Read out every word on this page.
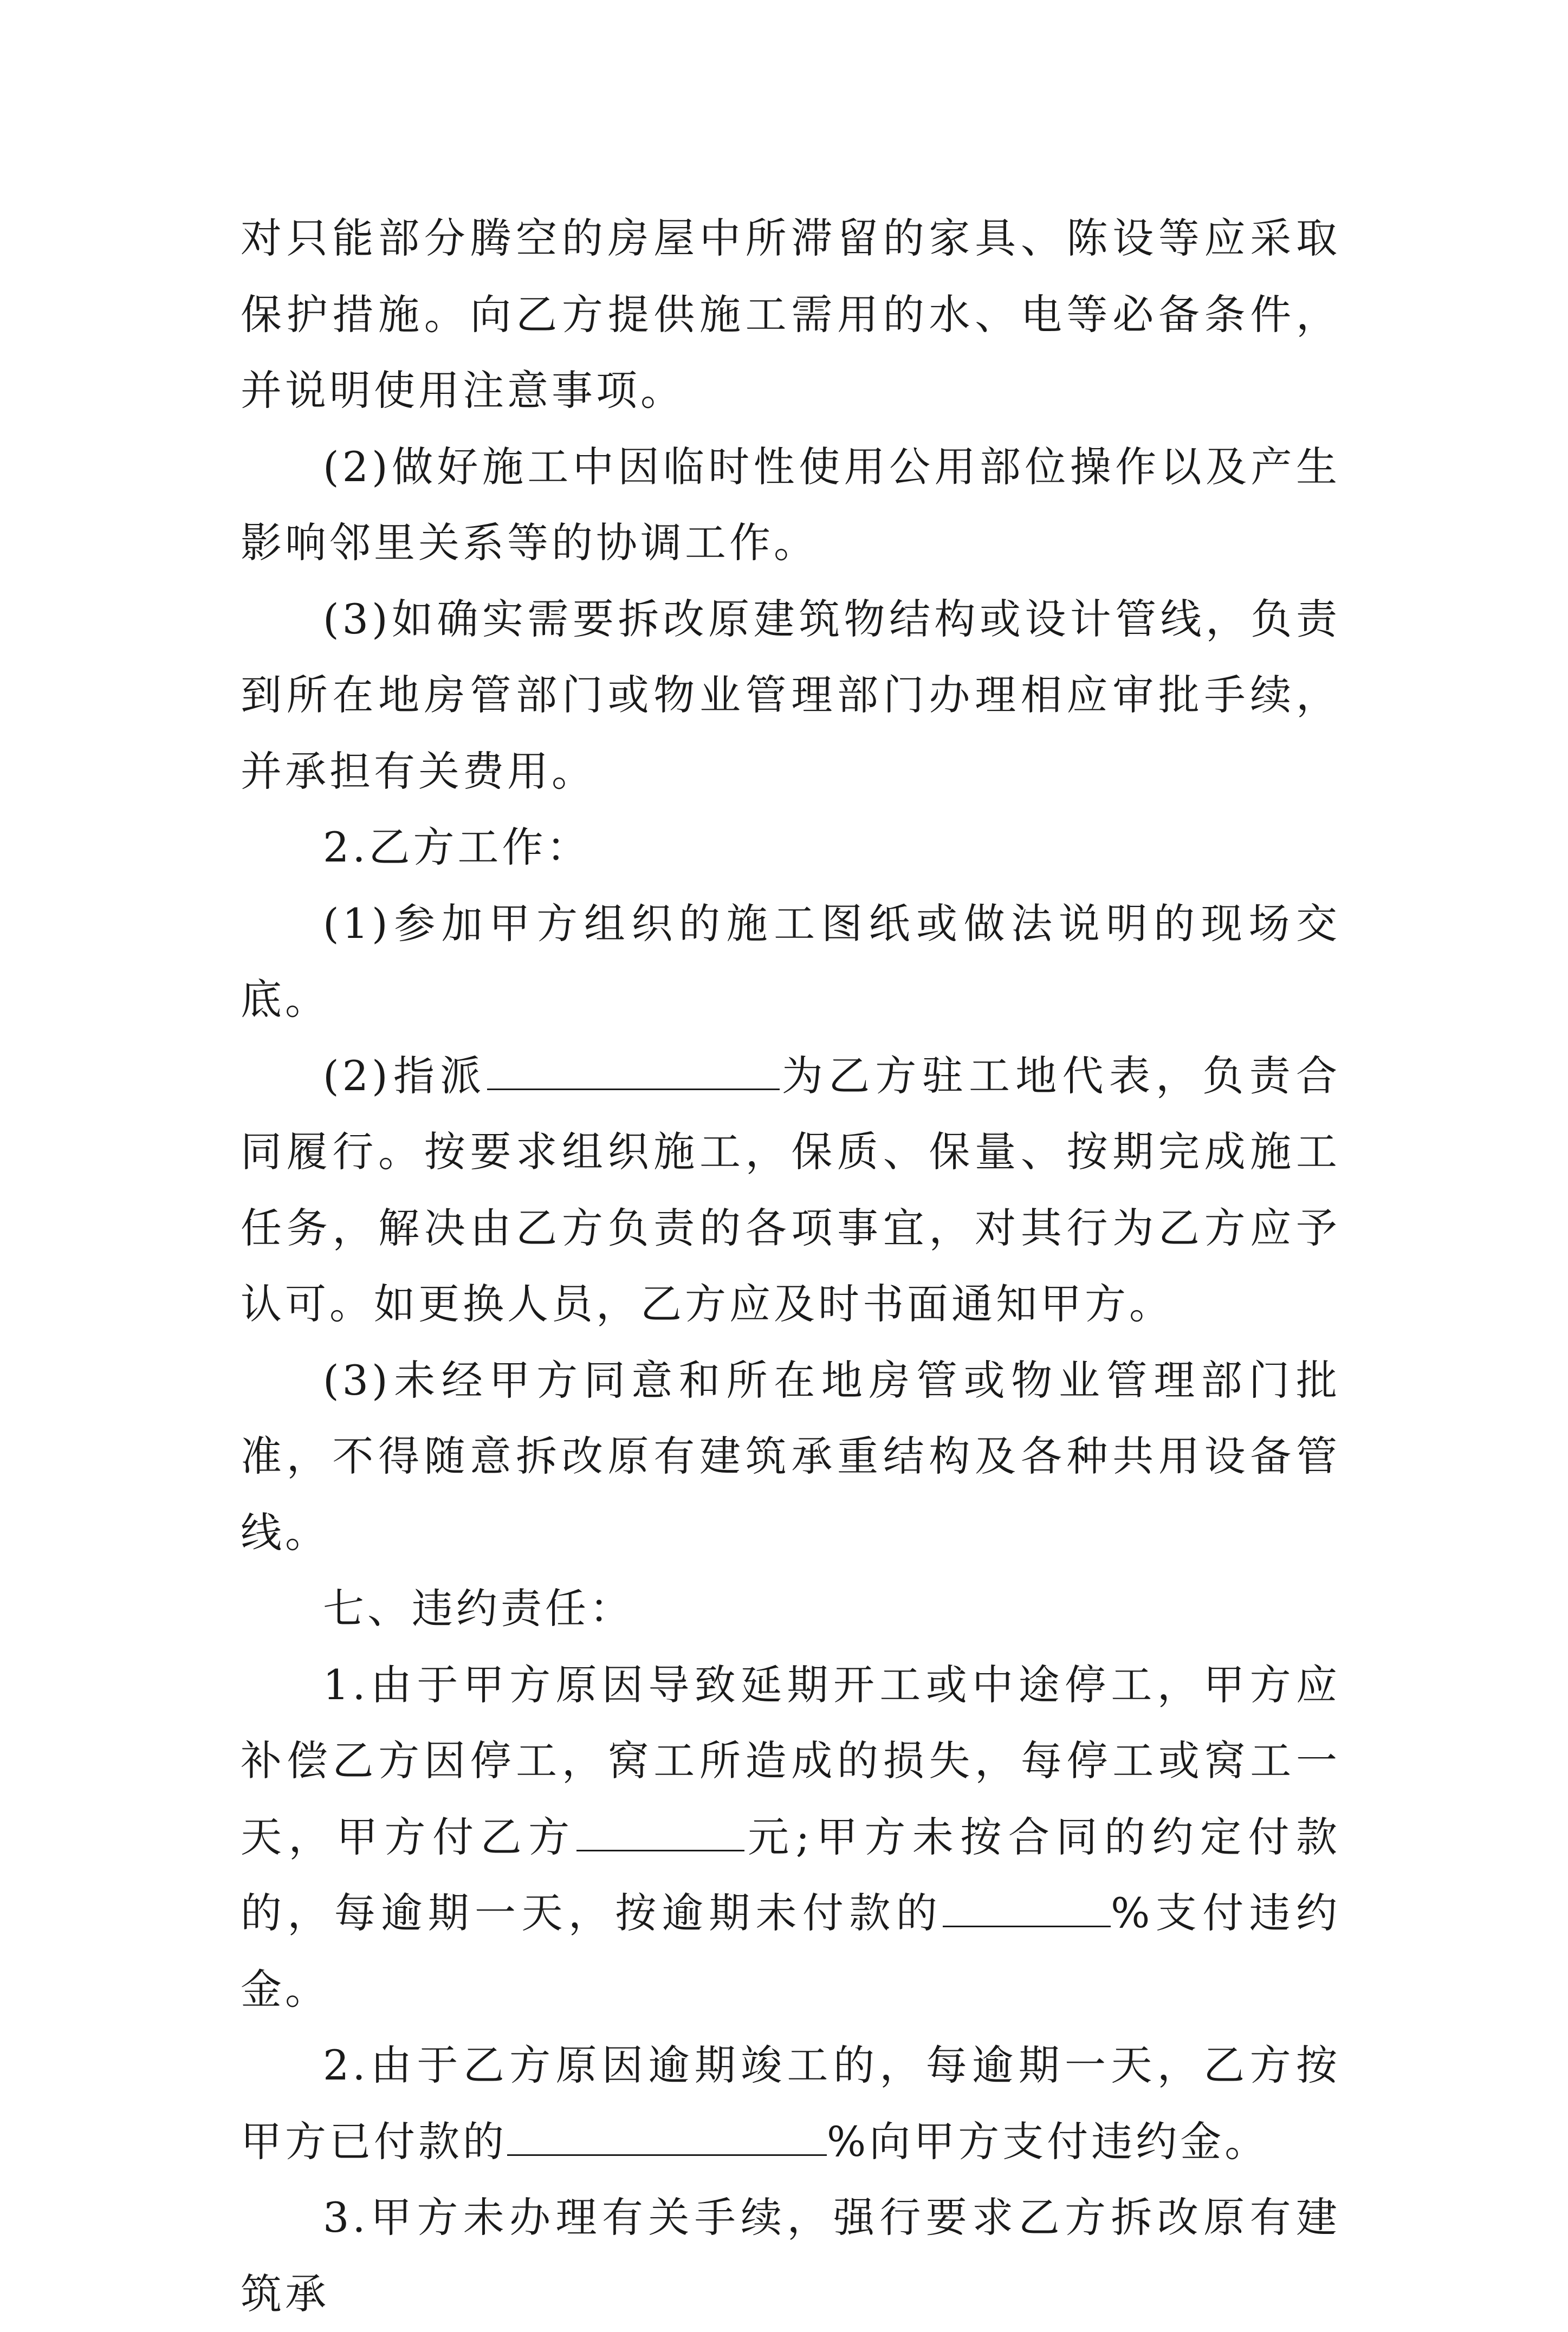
对只能部分腾空的房屋中所滞留的家具、陈设等应采取保护措施。向乙方提供施工需用的水、电等必备条件，并说明使用注意事项。

(2)做好施工中因临时性使用公用部位操作以及产生影响邻里关系等的协调工作。

(3)如确实需要拆改原建筑物结构或设计管线，负责到所在地房管部门或物业管理部门办理相应审批手续，并承担有关费用。

2.乙方工作：

(1)参加甲方组织的施工图纸或做法说明的现场交底。

(2)指派	为乙方驻工地代表，负责合同履行。按要求组织施工，保质、保量、按期完成施工任务，解决由乙方负责的各项事宜，对其行为乙方应予认可。如更换人员，乙方应及时书面通知甲方。

(3)未经甲方同意和所在地房管或物业管理部门批准，不得随意拆改原有建筑承重结构及各种共用设备管线。

七、违约责任：

1.由于甲方原因导致延期开工或中途停工，甲方应补偿乙方因停工，窝工所造成的损失，每停工或窝工一天，甲方付乙方	元;甲方未按合同的约定付款的，每逾期一天，按逾期未付款的	%支付违约金。

2.由于乙方原因逾期竣工的，每逾期一天，乙方按甲方已付款的	%向甲方支付违约金。

3.甲方未办理有关手续，强行要求乙方拆改原有建筑承
